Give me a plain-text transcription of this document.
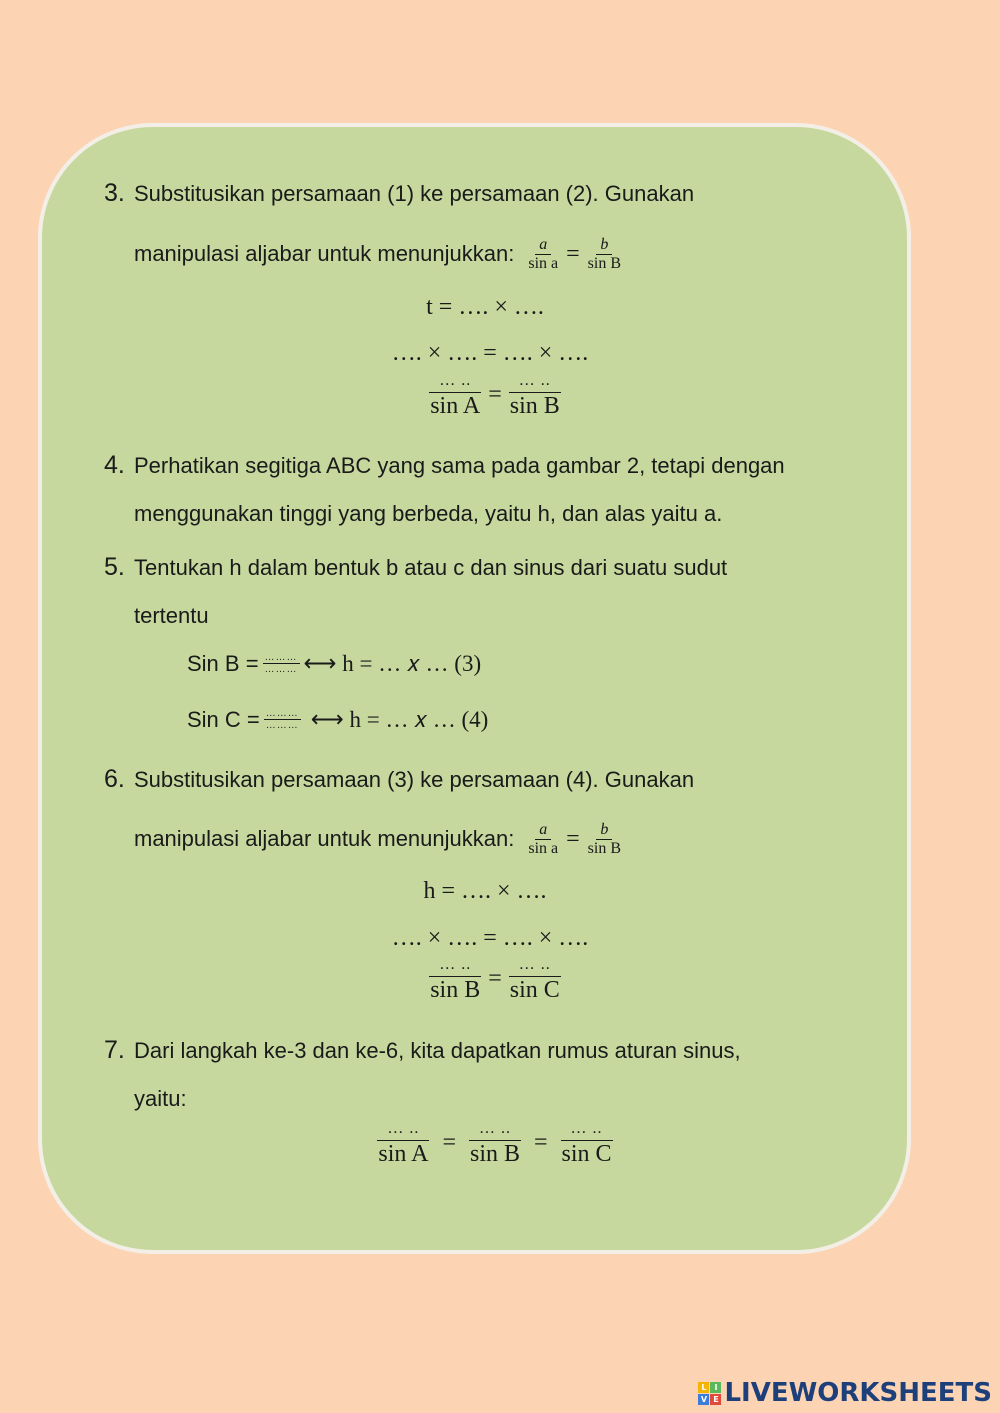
3. Substitusikan persamaan (1) ke persamaan (2). Gunakan
manipulasi aljabar untuk menunjukkan: $\frac{a}{\text{sin a}} = \frac{b}{\text{sin B}}$
t = …. × ….
…. × …. = …. × ….
$\frac{\dots ..}{\text{sin A}} = \frac{\dots ..}{\text{sin B}}$
4. Perhatikan segitiga ABC yang sama pada gambar 2, tetapi dengan
menggunakan tinggi yang berbeda, yaitu h, dan alas yaitu a.
5. Tentukan h dalam bentuk b atau c dan sinus dari suatu sudut
tertentu
Sin $B = \frac{\dots\dots\dots}{\dots\dots\dots}$ ⟷ h = … 𝑥 … (3)
Sin $C = \frac{\dots\dots\dots}{\dots\dots\dots}$ ⟷ h = … 𝑥 … (4)
6. Substitusikan persamaan (3) ke persamaan (4). Gunakan
manipulasi aljabar untuk menunjukkan: $\frac{a}{\text{sin a}} = \frac{b}{\text{sin B}}$
h = …. × ….
…. × …. = …. × ….
$\frac{\dots ..}{\text{sin B}} = \frac{\dots ..}{\text{sin C}}$
7. Dari langkah ke-3 dan ke-6, kita dapatkan rumus aturan sinus,
yaitu:
$\frac{\dots ..}{\text{sin A}} = \frac{\dots ..}{\text{sin B}} = \frac{\dots ..}{\text{sin C}}$
L I
V E LIVEWORKSHEETS
